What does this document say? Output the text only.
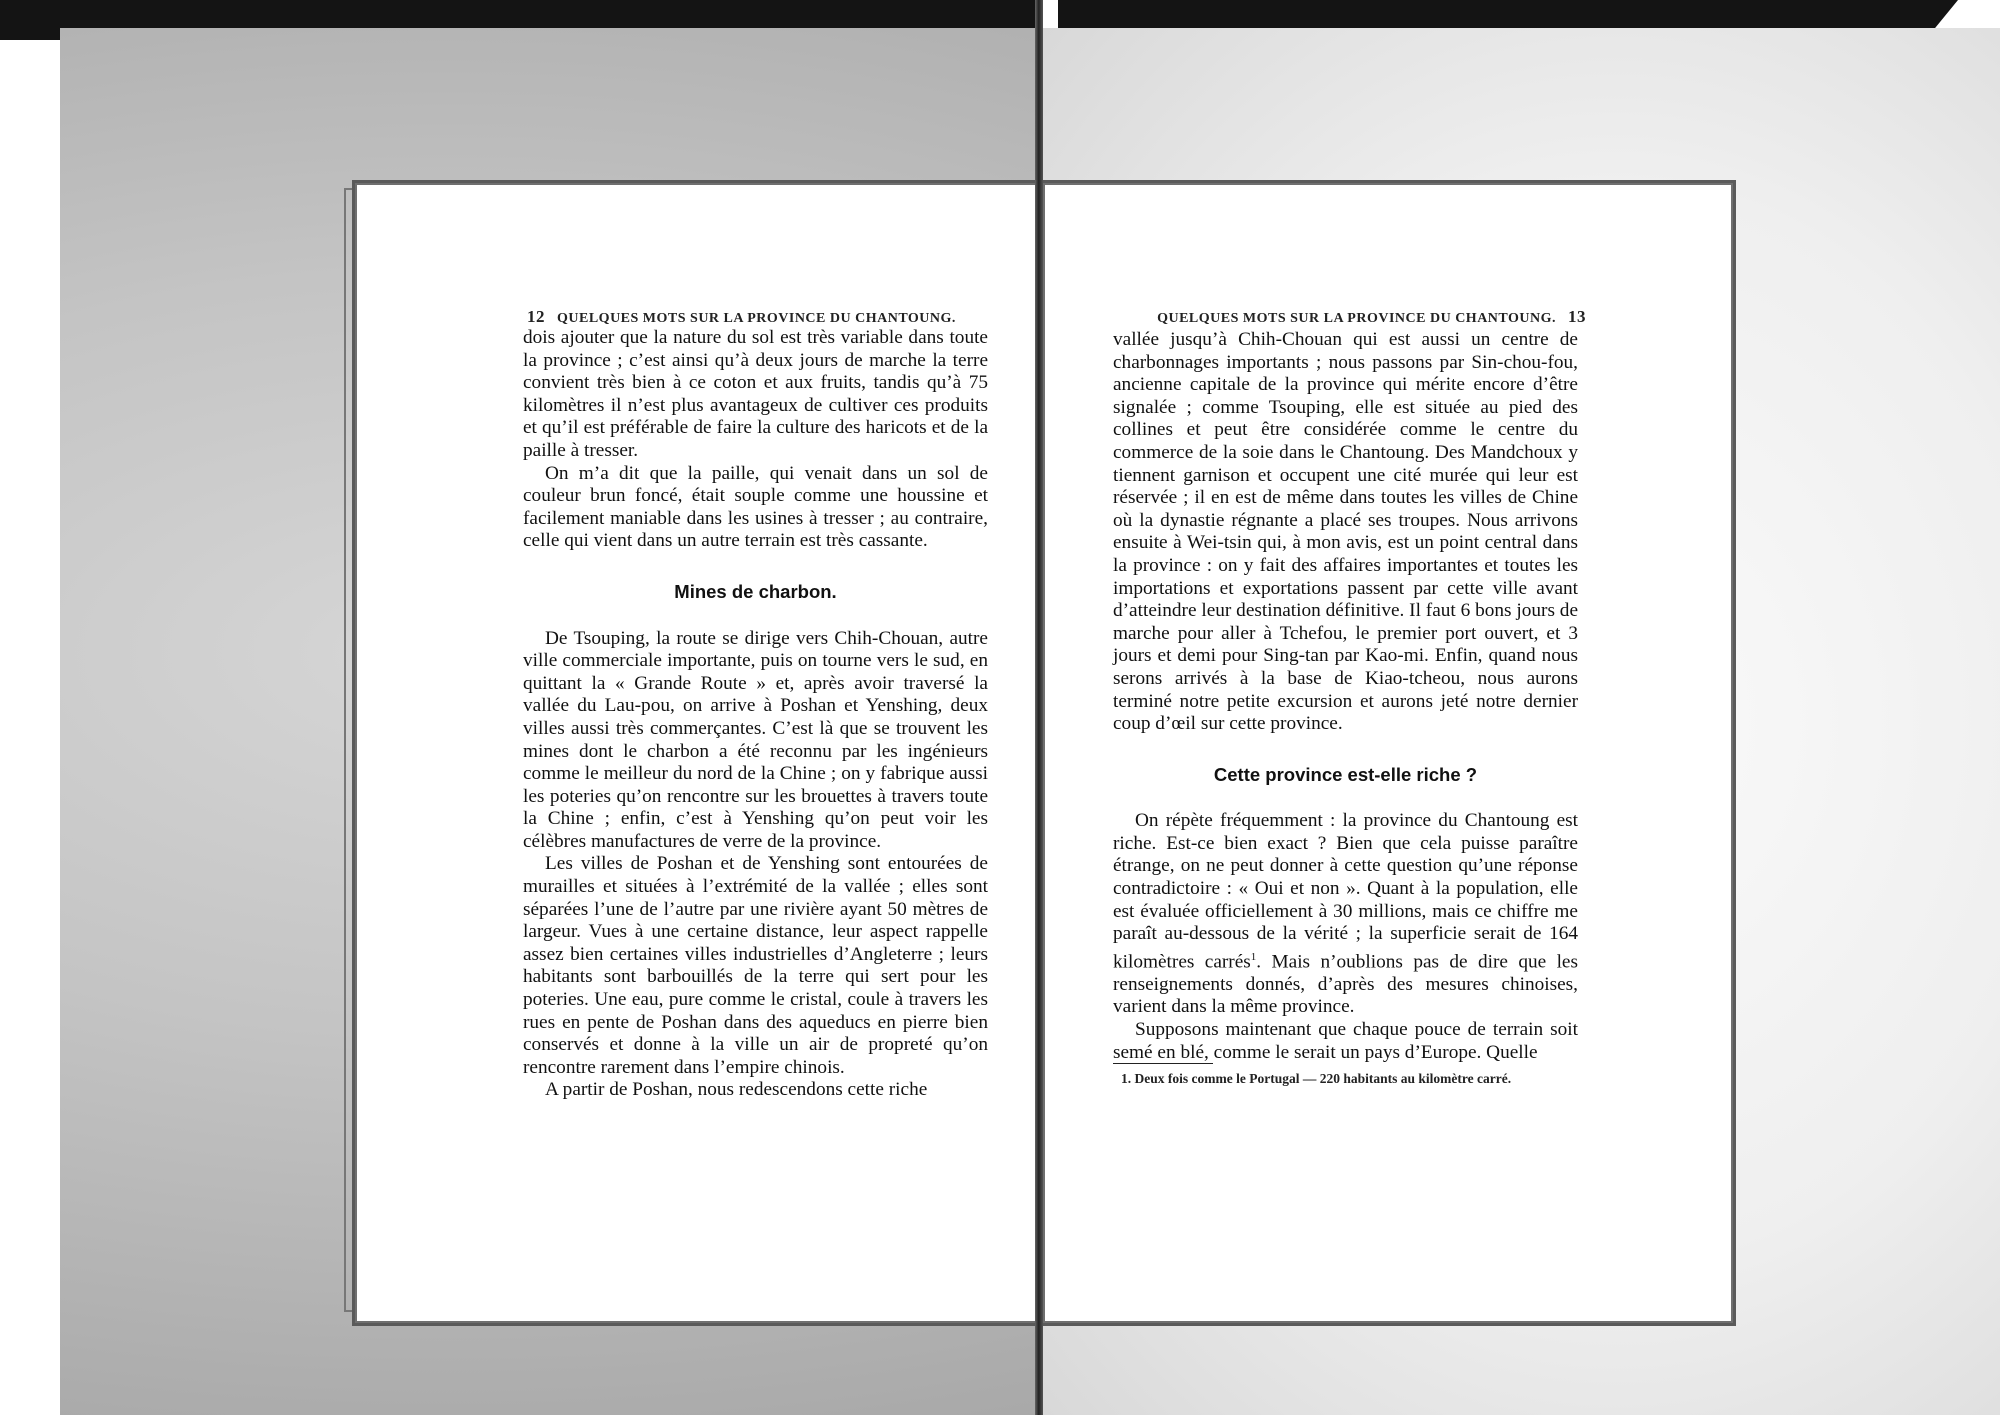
12 QUELQUES MOTS SUR LA PROVINCE DU CHANTOUNG.

dois ajouter que la nature du sol est très variable dans toute la province ; c’est ainsi qu’à deux jours de marche la terre convient très bien à ce coton et aux fruits, tandis qu’à 75 kilomètres il n’est plus avantageux de cultiver ces produits et qu’il est préférable de faire la culture des haricots et de la paille à tresser.

On m’a dit que la paille, qui venait dans un sol de couleur brun foncé, était souple comme une houssine et facilement maniable dans les usines à tresser ; au contraire, celle qui vient dans un autre terrain est très cassante.

Mines de charbon.

De Tsouping, la route se dirige vers Chih-Chouan, autre ville commerciale importante, puis on tourne vers le sud, en quittant la « Grande Route » et, après avoir traversé la vallée du Lau-pou, on arrive à Poshan et Yenshing, deux villes aussi très commerçantes. C’est là que se trouvent les mines dont le charbon a été reconnu par les ingénieurs comme le meilleur du nord de la Chine ; on y fabrique aussi les poteries qu’on rencontre sur les brouettes à travers toute la Chine ; enfin, c’est à Yenshing qu’on peut voir les célèbres manufactures de verre de la province.

Les villes de Poshan et de Yenshing sont entourées de murailles et situées à l’extrémité de la vallée ; elles sont séparées l’une de l’autre par une rivière ayant 50 mètres de largeur. Vues à une certaine distance, leur aspect rappelle assez bien certaines villes industrielles d’Angleterre ; leurs habitants sont barbouillés de la terre qui sert pour les poteries. Une eau, pure comme le cristal, coule à travers les rues en pente de Poshan dans des aqueducs en pierre bien conservés et donne à la ville un air de propreté qu’on rencontre rarement dans l’empire chinois.

A partir de Poshan, nous redescendons cette riche

QUELQUES MOTS SUR LA PROVINCE DU CHANTOUNG. 13

vallée jusqu’à Chih-Chouan qui est aussi un centre de charbonnages importants ; nous passons par Sin-chou-fou, ancienne capitale de la province qui mérite encore d’être signalée ; comme Tsouping, elle est située au pied des collines et peut être considérée comme le centre du commerce de la soie dans le Chantoung. Des Mandchoux y tiennent garnison et occupent une cité murée qui leur est réservée ; il en est de même dans toutes les villes de Chine où la dynastie régnante a placé ses troupes. Nous arrivons ensuite à Wei-tsin qui, à mon avis, est un point central dans la province : on y fait des affaires importantes et toutes les importations et exportations passent par cette ville avant d’atteindre leur destination définitive. Il faut 6 bons jours de marche pour aller à Tchefou, le premier port ouvert, et 3 jours et demi pour Sing-tan par Kao-mi. Enfin, quand nous serons arrivés à la base de Kiao-tcheou, nous aurons terminé notre petite excursion et aurons jeté notre dernier coup d’œil sur cette province.

Cette province est-elle riche ?

On répète fréquemment : la province du Chantoung est riche. Est-ce bien exact ? Bien que cela puisse paraître étrange, on ne peut donner à cette question qu’une réponse contradictoire : « Oui et non ». Quant à la population, elle est évaluée officiellement à 30 millions, mais ce chiffre me paraît au-dessous de la vérité ; la superficie serait de 164 kilomètres carrés$^1$. Mais n’oublions pas de dire que les renseignements donnés, d’après des mesures chinoises, varient dans la même province.

Supposons maintenant que chaque pouce de terrain soit semé en blé, comme le serait un pays d’Europe. Quelle

1. Deux fois comme le Portugal — 220 habitants au kilomètre carré.
